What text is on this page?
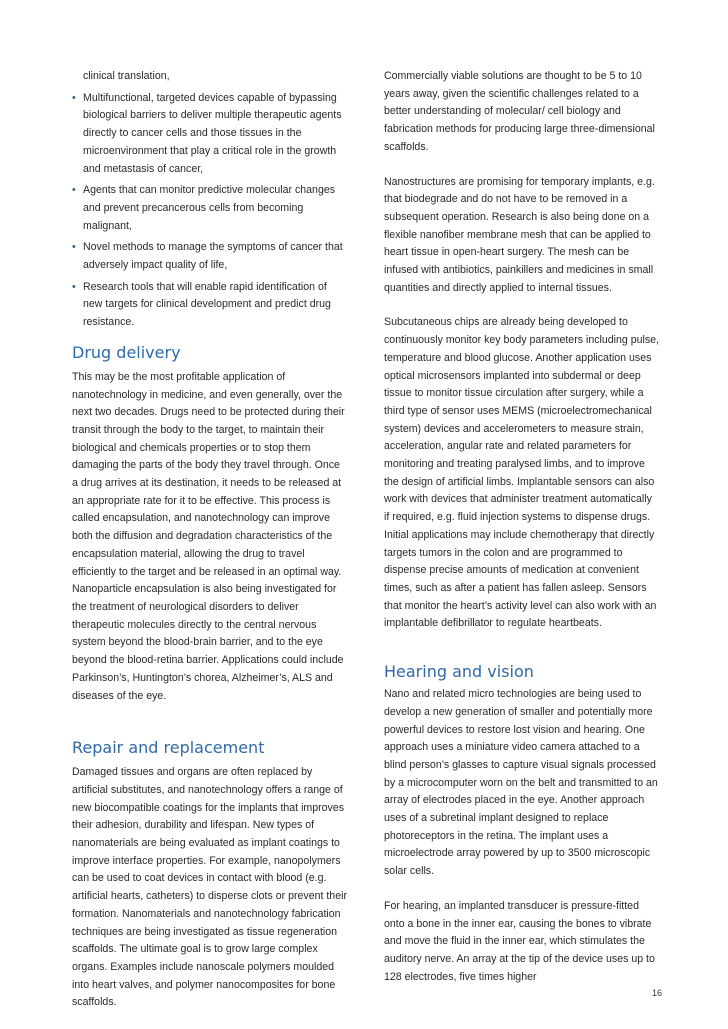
clinical translation,

• Multifunctional, targeted devices capable of bypassing biological barriers to deliver multiple therapeutic agents directly to cancer cells and those tissues in the microenvironment that play a critical role in the growth and metastasis of cancer,
• Agents that can monitor predictive molecular changes and prevent precancerous cells from becoming malignant,
• Novel methods to manage the symptoms of cancer that adversely impact quality of life,
• Research tools that will enable rapid identification of new targets for clinical development and predict drug resistance.
Drug delivery

This may be the most profitable application of nanotechnology in medicine, and even generally, over the next two decades. Drugs need to be protected during their transit through the body to the target, to maintain their biological and chemicals properties or to stop them damaging the parts of the body they travel through. Once a drug arrives at its destination, it needs to be released at an appropriate rate for it to be effective. This process is called encapsulation, and nanotechnology can improve both the diffusion and degradation characteristics of the encapsulation material, allowing the drug to travel efficiently to the target and be released in an optimal way. Nanoparticle encapsulation is also being investigated for the treatment of neurological disorders to deliver therapeutic molecules directly to the central nervous system beyond the blood-brain barrier, and to the eye beyond the blood-retina barrier. Applications could include Parkinson’s, Huntington’s chorea, Alzheimer’s, ALS and diseases of the eye.

Repair and replacement

Damaged tissues and organs are often replaced by artificial substitutes, and nanotechnology offers a range of new biocompatible coatings for the implants that improves their adhesion, durability and lifespan. New types of nanomaterials are being evaluated as implant coatings to improve interface properties. For example, nanopolymers can be used to coat devices in contact with blood (e.g. artificial hearts, catheters) to disperse clots or prevent their formation. Nanomaterials and nanotechnology fabrication techniques are being investigated as tissue regeneration scaffolds. The ultimate goal is to grow large complex organs. Examples include nanoscale polymers moulded into heart valves, and polymer nanocomposites for bone scaffolds.

Commercially viable solutions are thought to be 5 to 10 years away, given the scientific challenges related to a better understanding of molecular/ cell biology and fabrication methods for producing large three-dimensional scaffolds.

Nanostructures are promising for temporary implants, e.g. that biodegrade and do not have to be removed in a subsequent operation. Research is also being done on a flexible nanofiber membrane mesh that can be applied to heart tissue in open-heart surgery. The mesh can be infused with antibiotics, painkillers and medicines in small quantities and directly applied to internal tissues.

Subcutaneous chips are already being developed to continuously monitor key body parameters including pulse, temperature and blood glucose. Another application uses optical microsensors implanted into subdermal or deep tissue to monitor tissue circulation after surgery, while a third type of sensor uses MEMS (microelectromechanical system) devices and accelerometers to measure strain, acceleration, angular rate and related parameters for monitoring and treating paralysed limbs, and to improve the design of artificial limbs. Implantable sensors can also work with devices that administer treatment automatically if required, e.g. fluid injection systems to dispense drugs. Initial applications may include chemotherapy that directly targets tumors in the colon and are programmed to dispense precise amounts of medication at convenient times, such as after a patient has fallen asleep. Sensors that monitor the heart’s activity level can also work with an implantable defibrillator to regulate heartbeats.

Hearing and vision

Nano and related micro technologies are being used to develop a new generation of smaller and potentially more powerful devices to restore lost vision and hearing. One approach uses a miniature video camera attached to a blind person’s glasses to capture visual signals processed by a microcomputer worn on the belt and transmitted to an array of electrodes placed in the eye. Another approach uses of a subretinal implant designed to replace photoreceptors in the retina. The implant uses a microelectrode array powered by up to 3500 microscopic solar cells.

For hearing, an implanted transducer is pressure-fitted onto a bone in the inner ear, causing the bones to vibrate and move the fluid in the inner ear, which stimulates the auditory nerve. An array at the tip of the device uses up to 128 electrodes, five times higher

16
